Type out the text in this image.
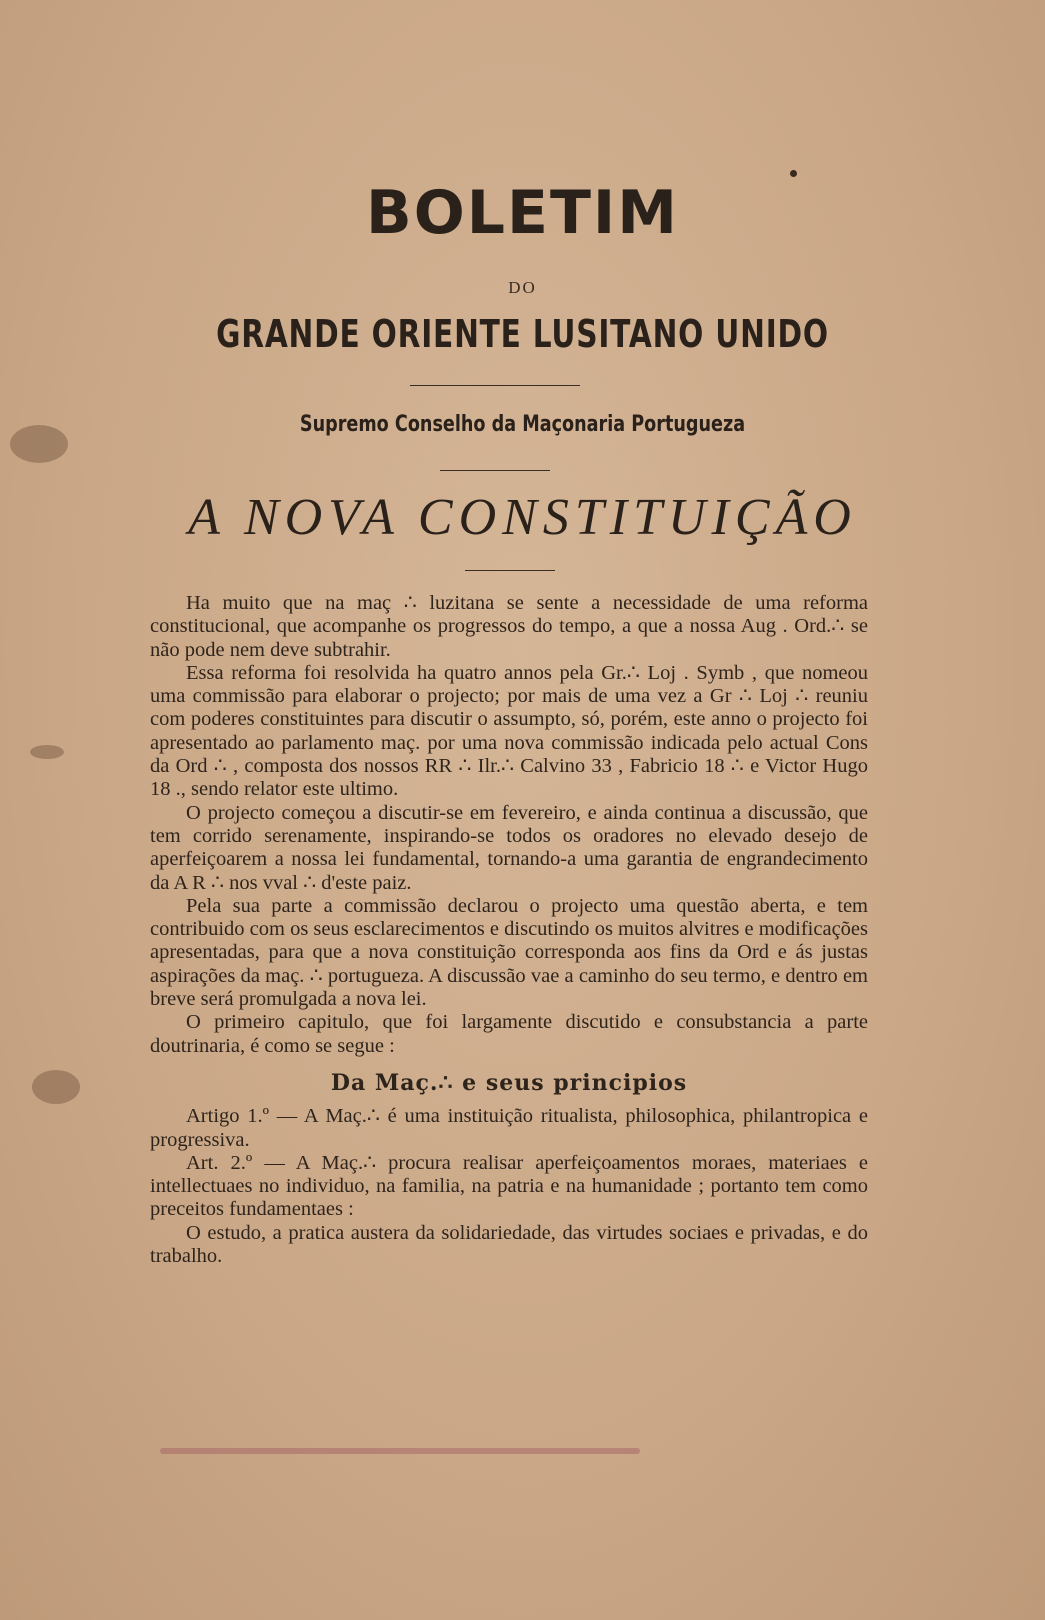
BOLETIM
DO
GRANDE ORIENTE LUSITANO UNIDO
Supremo Conselho da Maçonaria Portugueza
A NOVA CONSTITUIÇÃO

Ha muito que na maç ∴ luzitana se sente a necessidade de uma reforma constitucional, que acompanhe os progressos do tempo, a que a nossa Aug . Ord.∴ se não pode nem deve subtrahir.

Essa reforma foi resolvida ha quatro annos pela Gr.∴ Loj . Symb , que nomeou uma commissão para elaborar o projecto; por mais de uma vez a Gr ∴ Loj ∴ reuniu com poderes constituintes para discutir o assumpto, só, porém, este anno o projecto foi apresentado ao parlamento maç. por uma nova commissão indicada pelo actual Cons da Ord ∴ , composta dos nossos RR ∴ Ilr.∴ Calvino 33 , Fabricio 18 ∴ e Victor Hugo 18 ., sendo relator este ultimo.

O projecto começou a discutir-se em fevereiro, e ainda continua a discussão, que tem corrido serenamente, inspirando-se todos os oradores no elevado desejo de aperfeiçoarem a nossa lei fundamental, tornando-a uma garantia de engrandecimento da A R ∴ nos vval ∴ d'este paiz.

Pela sua parte a commissão declarou o projecto uma questão aberta, e tem contribuido com os seus esclarecimentos e discutindo os muitos alvitres e modificações apresentadas, para que a nova constituição corresponda aos fins da Ord e ás justas aspirações da maç. ∴ portugueza. A discussão vae a caminho do seu termo, e dentro em breve será promulgada a nova lei.

O primeiro capitulo, que foi largamente discutido e consubstancia a parte doutrinaria, é como se segue :

Da Maç.∴ e seus principios

Artigo 1.º — A Maç.∴ é uma instituição ritualista, philosophica, philantropica e progressiva.

Art. 2.º — A Maç.∴ procura realisar aperfeiçoamentos moraes, materiaes e intellectuaes no individuo, na familia, na patria e na humanidade ; portanto tem como preceitos fundamentaes :

O estudo, a pratica austera da solidariedade, das virtudes sociaes e privadas, e do trabalho.
